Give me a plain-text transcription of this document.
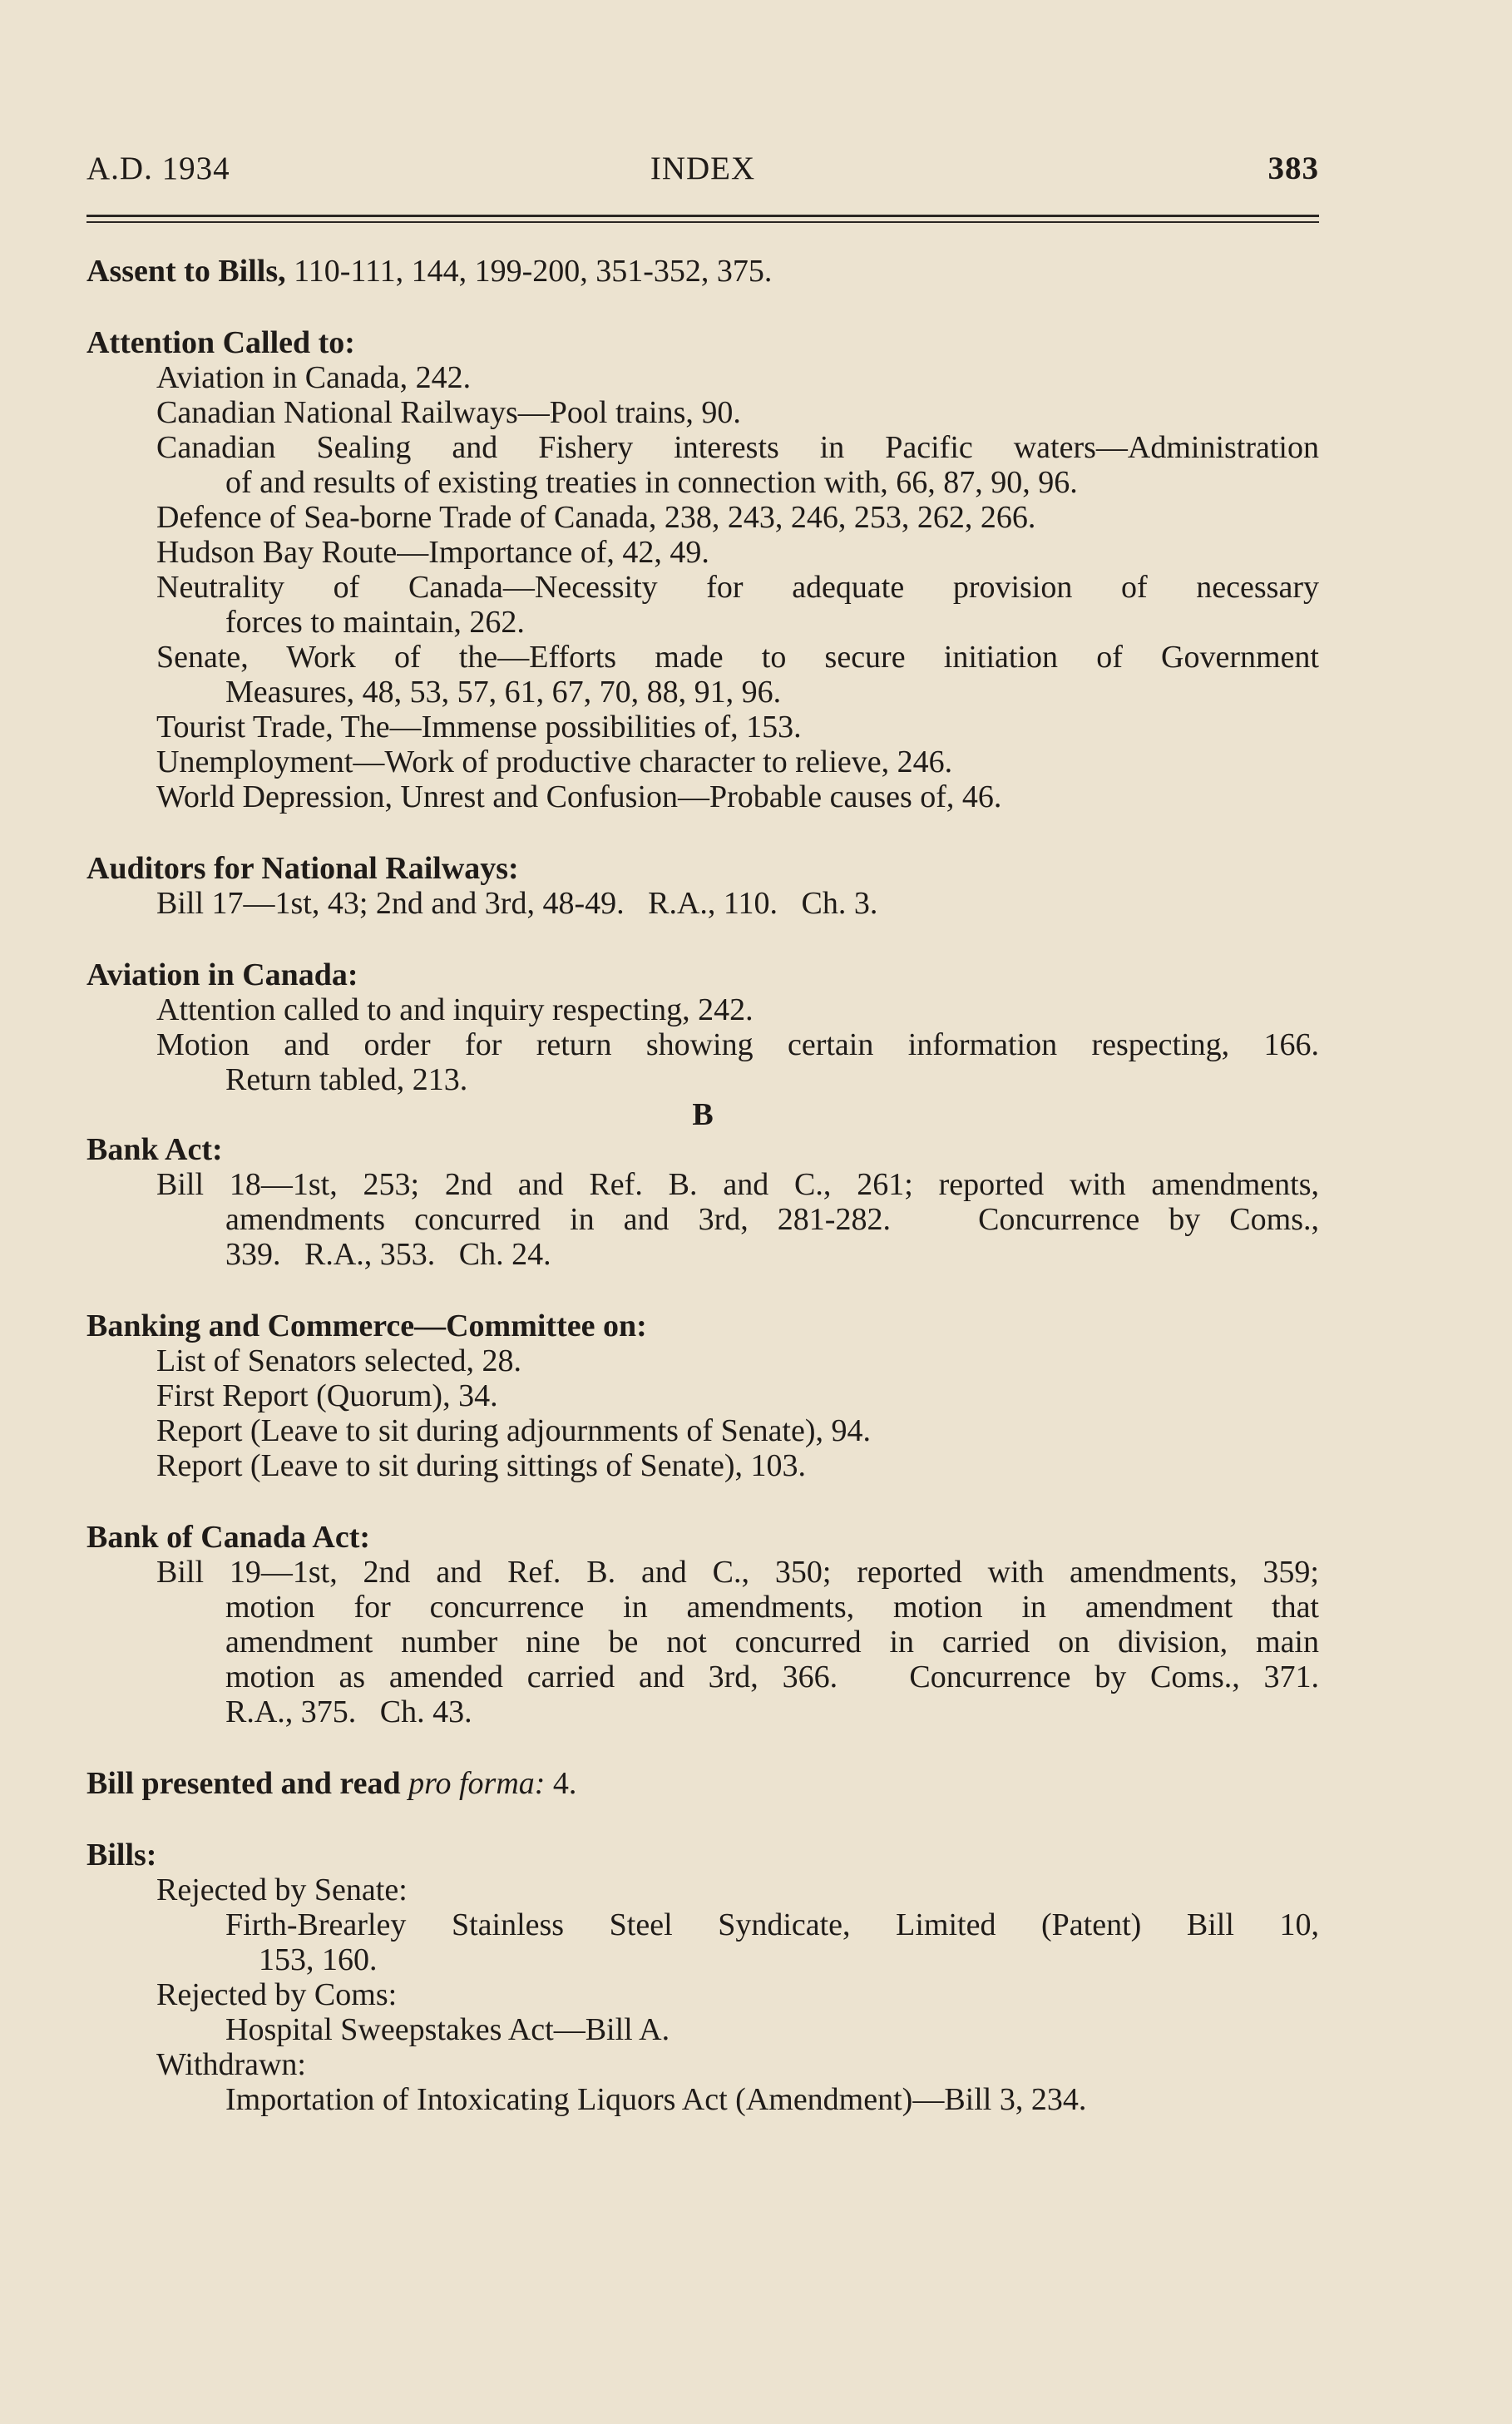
A.D. 1934	INDEX	383

Assent to Bills, 110-111, 144, 199-200, 351-352, 375.

Attention Called to:

Aviation in Canada, 242.

Canadian National Railways—Pool trains, 90.

Canadian Sealing and Fishery interests in Pacific waters—Administration

of and results of existing treaties in connection with, 66, 87, 90, 96.

Defence of Sea-borne Trade of Canada, 238, 243, 246, 253, 262, 266.

Hudson Bay Route—Importance of, 42, 49.

Neutrality of Canada—Necessity for adequate provision of necessary

forces to maintain, 262.

Senate, Work of the—Efforts made to secure initiation of Government

Measures, 48, 53, 57, 61, 67, 70, 88, 91, 96.

Tourist Trade, The—Immense possibilities of, 153.

Unemployment—Work of productive character to relieve, 246.

World Depression, Unrest and Confusion—Probable causes of, 46.

Auditors for National Railways:

Bill 17—1st, 43; 2nd and 3rd, 48-49.   R.A., 110.   Ch. 3.

Aviation in Canada:

Attention called to and inquiry respecting, 242.

Motion and order for return showing certain information respecting, 166.

Return tabled, 213.

B

Bank Act:

Bill 18—1st, 253; 2nd and Ref. B. and C., 261; reported with amendments,

amendments concurred in and 3rd, 281-282.   Concurrence by Coms.,

339.   R.A., 353.   Ch. 24.

Banking and Commerce—Committee on:

List of Senators selected, 28.

First Report (Quorum), 34.

Report (Leave to sit during adjournments of Senate), 94.

Report (Leave to sit during sittings of Senate), 103.

Bank of Canada Act:

Bill 19—1st, 2nd and Ref. B. and C., 350; reported with amendments, 359;

motion for concurrence in amendments, motion in amendment that

amendment number nine be not concurred in carried on division, main

motion as amended carried and 3rd, 366.   Concurrence by Coms., 371.

R.A., 375.   Ch. 43.

Bill presented and read pro forma: 4.

Bills:

Rejected by Senate:

Firth-Brearley Stainless Steel Syndicate, Limited (Patent) Bill 10,

153, 160.

Rejected by Coms:

Hospital Sweepstakes Act—Bill A.

Withdrawn:

Importation of Intoxicating Liquors Act (Amendment)—Bill 3, 234.
